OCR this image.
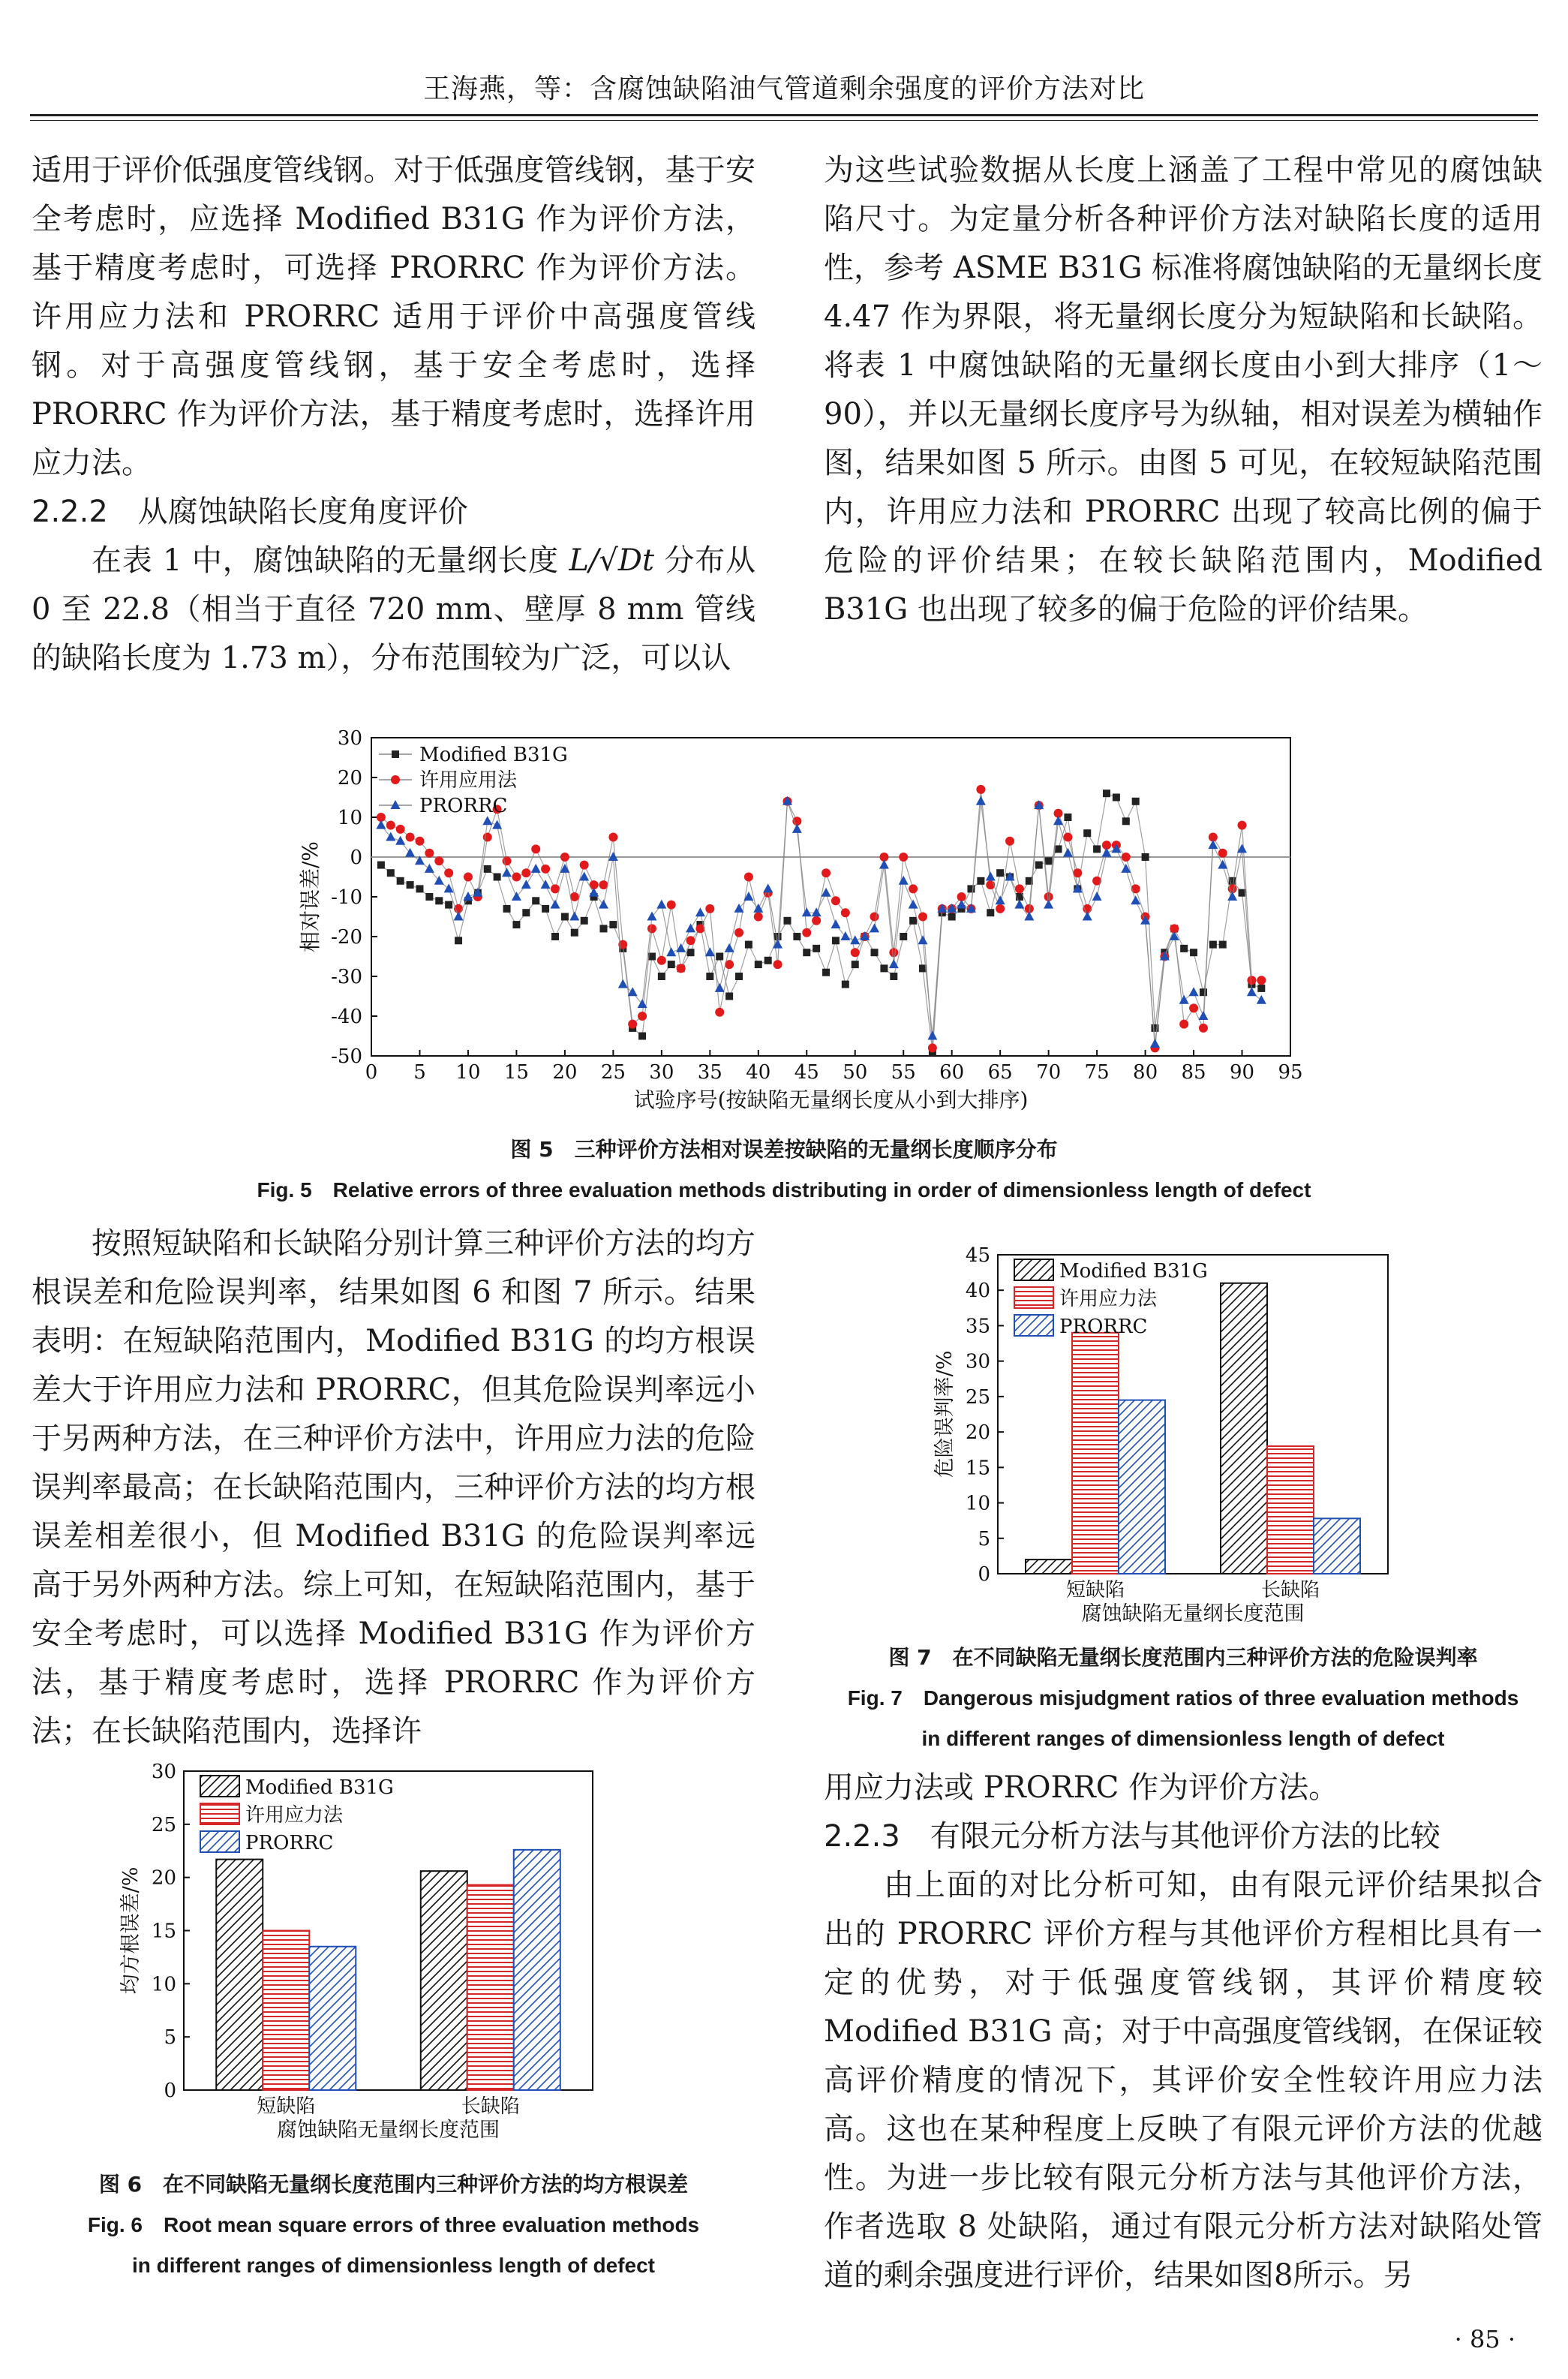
王海燕，等：含腐蚀缺陷油气管道剩余强度的评价方法对比

适用于评价低强度管线钢。对于低强度管线钢，基于安全考虑时，应选择 Modified B31G 作为评价方法，基于精度考虑时，可选择 PRORRC 作为评价方法。许用应力法和 PRORRC 适用于评价中高强度管线钢。对于高强度管线钢，基于安全考虑时，选择 PRORRC 作为评价方法，基于精度考虑时，选择许用应力法。

2.2.2　从腐蚀缺陷长度角度评价

在表 1 中，腐蚀缺陷的无量纲长度 L/√Dt 分布从 0 至 22.8（相当于直径 720 mm、壁厚 8 mm 管线的缺陷长度为 1.73 m），分布范围较为广泛，可以认

为这些试验数据从长度上涵盖了工程中常见的腐蚀缺陷尺寸。为定量分析各种评价方法对缺陷长度的适用性，参考 ASME B31G 标准将腐蚀缺陷的无量纲长度 4.47 作为界限，将无量纲长度分为短缺陷和长缺陷。将表 1 中腐蚀缺陷的无量纲长度由小到大排序（1～90），并以无量纲长度序号为纵轴，相对误差为横轴作图，结果如图 5 所示。由图 5 可见，在较短缺陷范围内，许用应力法和 PRORRC 出现了较高比例的偏于危险的评价结果；在较长缺陷范围内，Modified B31G 也出现了较多的偏于危险的评价结果。

0 5 10 15 20 25 30 35 40 45 50 55 60 65 70 75 80 85 90 95
-50
-40
-30
-20
-10
0
10
20
30
试验序号(按缺陷无量纲长度从小到大排序)
相对误差/%
Modified B31G
许用应用法
PRORRC
图 5　三种评价方法相对误差按缺陷的无量纲长度顺序分布
Fig. 5　Relative errors of three evaluation methods distributing in order of dimensionless length of defect

按照短缺陷和长缺陷分别计算三种评价方法的均方根误差和危险误判率，结果如图 6 和图 7 所示。结果表明：在短缺陷范围内，Modified B31G 的均方根误差大于许用应力法和 PRORRC，但其危险误判率远小于另两种方法，在三种评价方法中，许用应力法的危险误判率最高；在长缺陷范围内，三种评价方法的均方根误差相差很小，但 Modified B31G 的危险误判率远高于另外两种方法。综上可知，在短缺陷范围内，基于安全考虑时，可以选择 Modified B31G 作为评价方法，基于精度考虑时，选择 PRORRC 作为评价方法；在长缺陷范围内，选择许

0
5
10
15
20
25
30
35
40
45
短缺陷	长缺陷
腐蚀缺陷无量纲长度范围
危险误判率/%
Modified B31G
许用应力法
PRORRC
图 7　在不同缺陷无量纲长度范围内三种评价方法的危险误判率
Fig. 7　Dangerous misjudgment ratios of three evaluation methods
in different ranges of dimensionless length of defect
0
5
10
15
20
25
30
短缺陷	长缺陷
腐蚀缺陷无量纲长度范围
均方根误差/%
Modified B31G
许用应力法
PRORRC
图 6　在不同缺陷无量纲长度范围内三种评价方法的均方根误差
Fig. 6　Root mean square errors of three evaluation methods
in different ranges of dimensionless length of defect

用应力法或 PRORRC 作为评价方法。

2.2.3　有限元分析方法与其他评价方法的比较

由上面的对比分析可知，由有限元评价结果拟合出的 PRORRC 评价方程与其他评价方程相比具有一定的优势，对于低强度管线钢，其评价精度较 Modified B31G 高；对于中高强度管线钢，在保证较高评价精度的情况下，其评价安全性较许用应力法高。这也在某种程度上反映了有限元评价方法的优越性。为进一步比较有限元分析方法与其他评价方法，作者选取 8 处缺陷，通过有限元分析方法对缺陷处管道的剩余强度进行评价，结果如图8所示。另

· 85 ·
